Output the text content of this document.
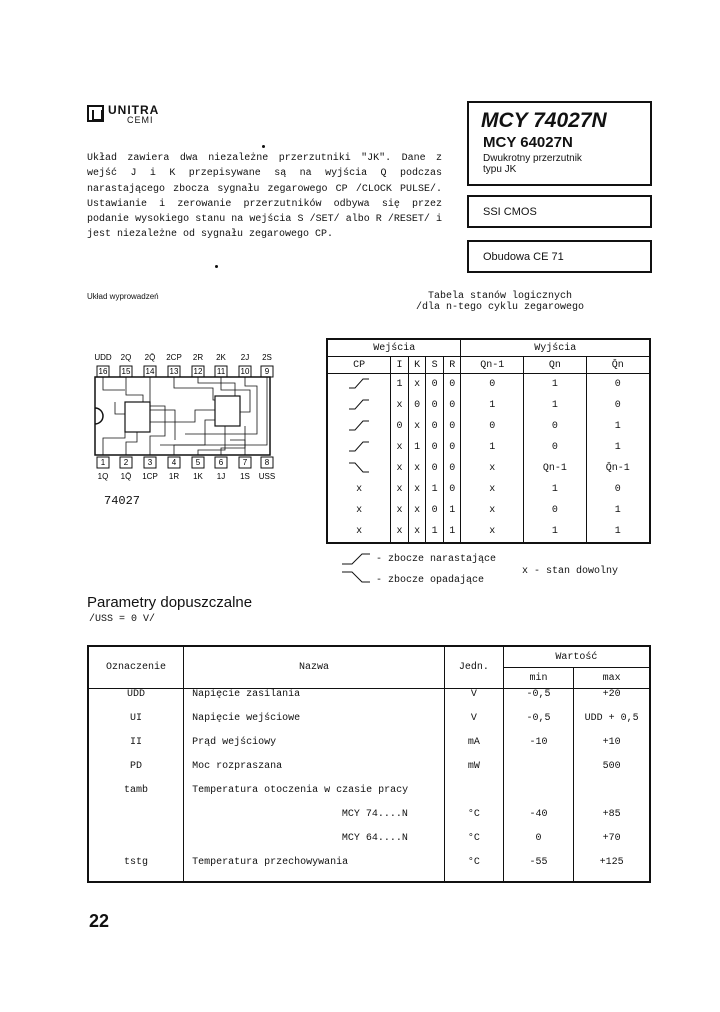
UNITRA
CEMI	MCY 74027N
MCY 64027N
Dwukrotny przerzutnik
typu JK
SSI CMOS
Obudowa CE 71
Układ zawiera dwa niezależne przerzutniki "JK". Dane z wejść J i K przepisywane są na wyjścia Q podczas narastającego zbocza sygnału zegarowego CP /CLOCK PULSE/. Ustawianie i zerowanie przerzutników odbywa się przez podanie wysokiego stanu na wejścia S /SET/ albo R /RESET/ i jest niezależne od sygnału zegarowego CP.
Układ wyprowadzeń
UDD 2Q 2Q̄ 2CP 2R 2K 2J 2S
16 15 14 13 12 11 10 9
1 2 3 4 5 6 7 8
1Q 1Q̄ 1CP 1R 1K 1J 1S USS
74027
Tabela stanów logicznych
/dla n-tego cyklu zegarowego
Wejścia					Wyjścia		
CP	I	K	S	R	Qn-1	Qn	Q̄n
	1	x	0	0	0	1	0
	x	0	0	0	1	1	0
	0	x	0	0	0	0	1
	x	1	0	0	1	0	1
	x	x	0	0	x	Qn-1	Q̄n-1
x	x	x	1	0	x	1	0
x	x	x	0	1	x	0	1
x	x	x	1	1	x	1	1
- zbocze narastające
- zbocze opadające
x - stan dowolny
Parametry dopuszczalne
/USS = 0 V/
Oznaczenie	Nazwa	Jedn.	Wartość	
			min	max
UDD	Napięcie zasilania	V	-0,5	+20
UI	Napięcie wejściowe	V	-0,5	UDD + 0,5
II	Prąd wejściowy	mA	-10	+10
PD	Moc rozpraszana	mW		500
tamb	Temperatura otoczenia w czasie pracy			
	MCY 74....N	°C	-40	+85
	MCY 64....N	°C	0	+70
tstg	Temperatura przechowywania	°C	-55	+125
22
